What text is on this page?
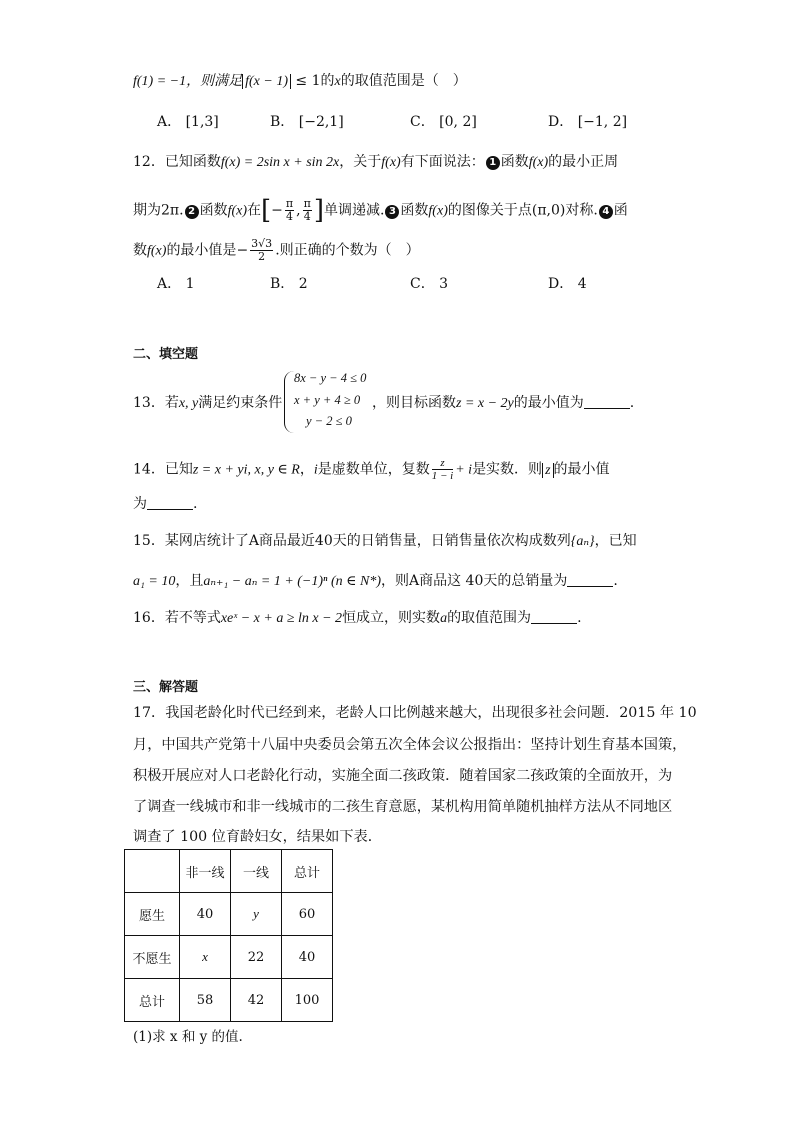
f(1) = −1，则满足 f(x − 1) ≤ 1的x的取值范围是（　）
A． [1,3]	B． [−2,1]	C． [0, 2]	D． [−1, 2]
12．已知函数f(x) = 2sin x + sin 2x，关于f(x)有下面说法： 1 函数f(x)的最小正周
期为2π. 2 函数f(x)在[− $\frac{\pi}{4}$ , $\frac{\pi}{4}$ ]单调递减. 3 函数f(x)的图像关于点(π,0)对称. 4 函
数f(x)的最小值是− $\frac{3√3}{2}$ .则正确的个数为（　）
A． 1	B． 2	C． 3	D． 4
二、填空题
13．若x, y满足约束条件
8x − y − 4 ≤ 0
x + y + 4 ≥ 0
y − 2 ≤ 0
，则目标函数z = x − 2y的最小值为	.
14．已知z = x + yi, x, y ∈ R，i是虚数单位，复数 $\frac{z}{1 - i} + i$是实数．则 z 的最小值
为	.
15．某网店统计了A商品最近40天的日销售量，日销售量依次构成数列{aₙ}，已知
a₁ = 10，且aₙ₊₁ − aₙ = 1 + (−1)ⁿ (n ∈ N*)，则A商品这 40天的总销量为	.
16．若不等式xeˣ − x + a ≥ ln x − 2恒成立，则实数a的取值范围为	.
三、解答题
17．我国老龄化时代已经到来，老龄人口比例越来越大，出现很多社会问题．2015 年 10
月，中国共产党第十八届中央委员会第五次全体会议公报指出：坚持计划生育基本国策，
积极开展应对人口老龄化行动，实施全面二孩政策．随着国家二孩政策的全面放开，为
了调查一线城市和非一线城市的二孩生育意愿，某机构用简单随机抽样方法从不同地区
调查了 100 位育龄妇女，结果如下表．
	非一线	一线	总计
愿生	40	y	60
不愿生	x	22	40
总计	58	42	100
(1)求 x 和 y 的值.
